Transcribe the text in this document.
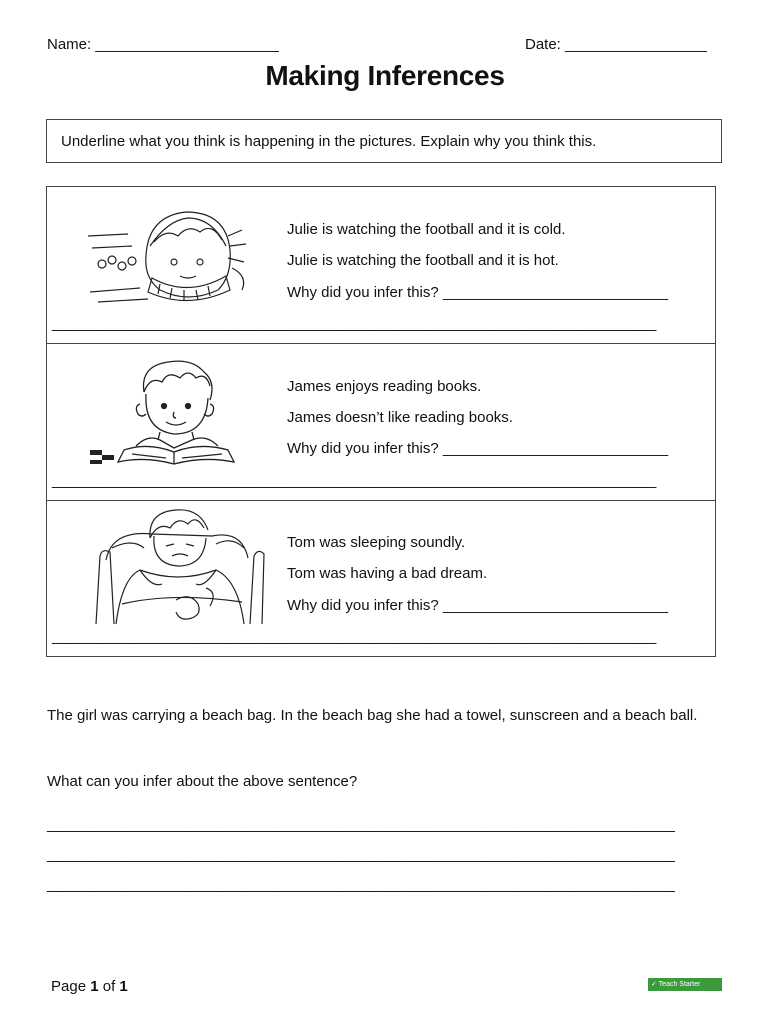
Name: ______________________	Date: _________________
Making Inferences
Underline what you think is happening in the pictures. Explain why you think this.
Julie is watching the football and it is cold.
Julie is watching the football and it is hot.
Why did you infer this? ___________________________
_____________________________________________________________________________
James enjoys reading books.
James doesn’t like reading books.
Why did you infer this? ___________________________
_____________________________________________________________________________
Tom was sleeping soundly.
Tom was having a bad dream.
Why did you infer this? ___________________________
_____________________________________________________________________________
The girl was carrying a beach bag. In the beach bag she had a towel, sunscreen and a beach ball.
What can you infer about the above sentence?
________________________________________________________________________________
________________________________________________________________________________
________________________________________________________________________________
Page 1 of 1	✓ Teach Starter
